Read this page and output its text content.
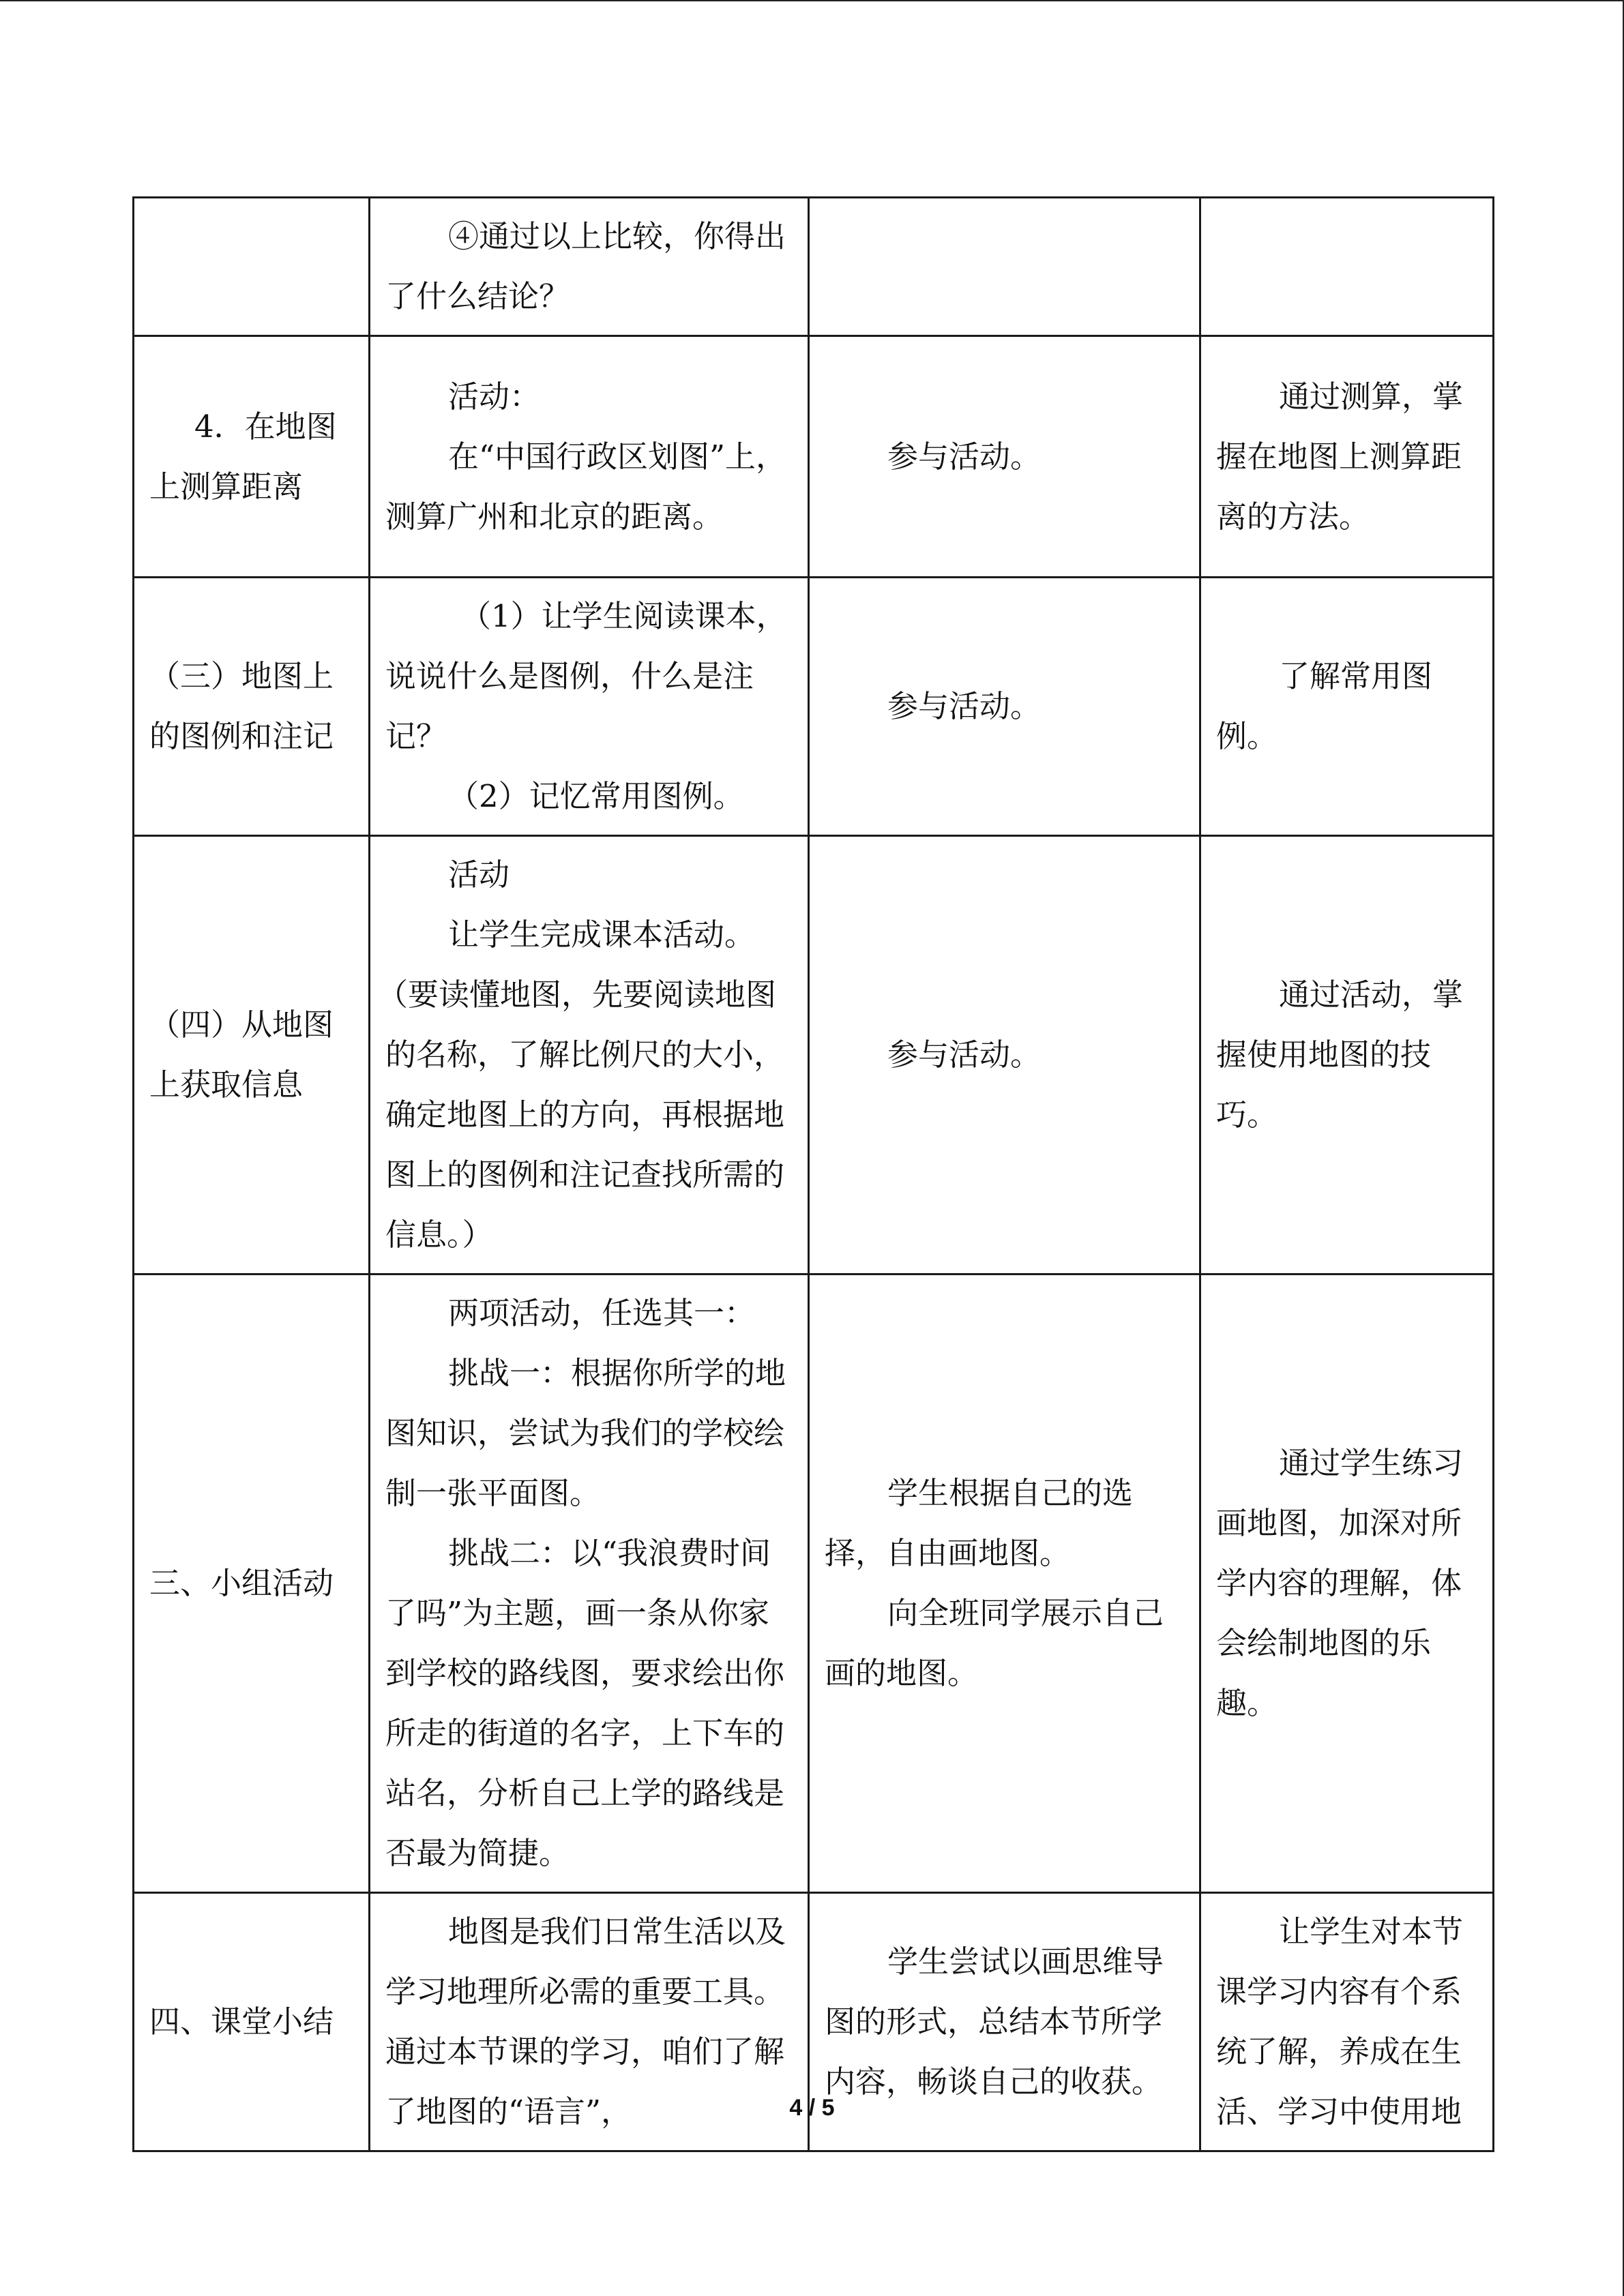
	④通过以上比较，你得出了什么结论？		

4．在地图上测算距离	活动：
在“中国行政区划图”上，测算广州和北京的距离。	参与活动。	通过测算，掌握在地图上测算距离的方法。

（三）地图上的图例和注记	（1）让学生阅读课本，说说什么是图例，什么是注记？
（2）记忆常用图例。	参与活动。	了解常用图例。

（四）从地图上获取信息	活动
让学生完成课本活动。
（要读懂地图，先要阅读地图的名称，了解比例尺的大小，确定地图上的方向，再根据地图上的图例和注记查找所需的信息。）	参与活动。	通过活动，掌握使用地图的技巧。

三、小组活动	两项活动，任选其一：
挑战一：根据你所学的地图知识，尝试为我们的学校绘制一张平面图。
挑战二：以“我浪费时间了吗”为主题，画一条从你家到学校的路线图，要求绘出你所走的街道的名字，上下车的站名，分析自己上学的路线是否最为简捷。	学生根据自己的选择，自由画地图。
向全班同学展示自己画的地图。	通过学生练习画地图，加深对所学内容的理解，体会绘制地图的乐趣。

四、课堂小结	地图是我们日常生活以及学习地理所必需的重要工具。通过本节课的学习，咱们了解了地图的“语言”，	学生尝试以画思维导图的形式，总结本节所学内容，畅谈自己的收获。	让学生对本节课学习内容有个系统了解，养成在生活、学习中使用地
4 / 5
